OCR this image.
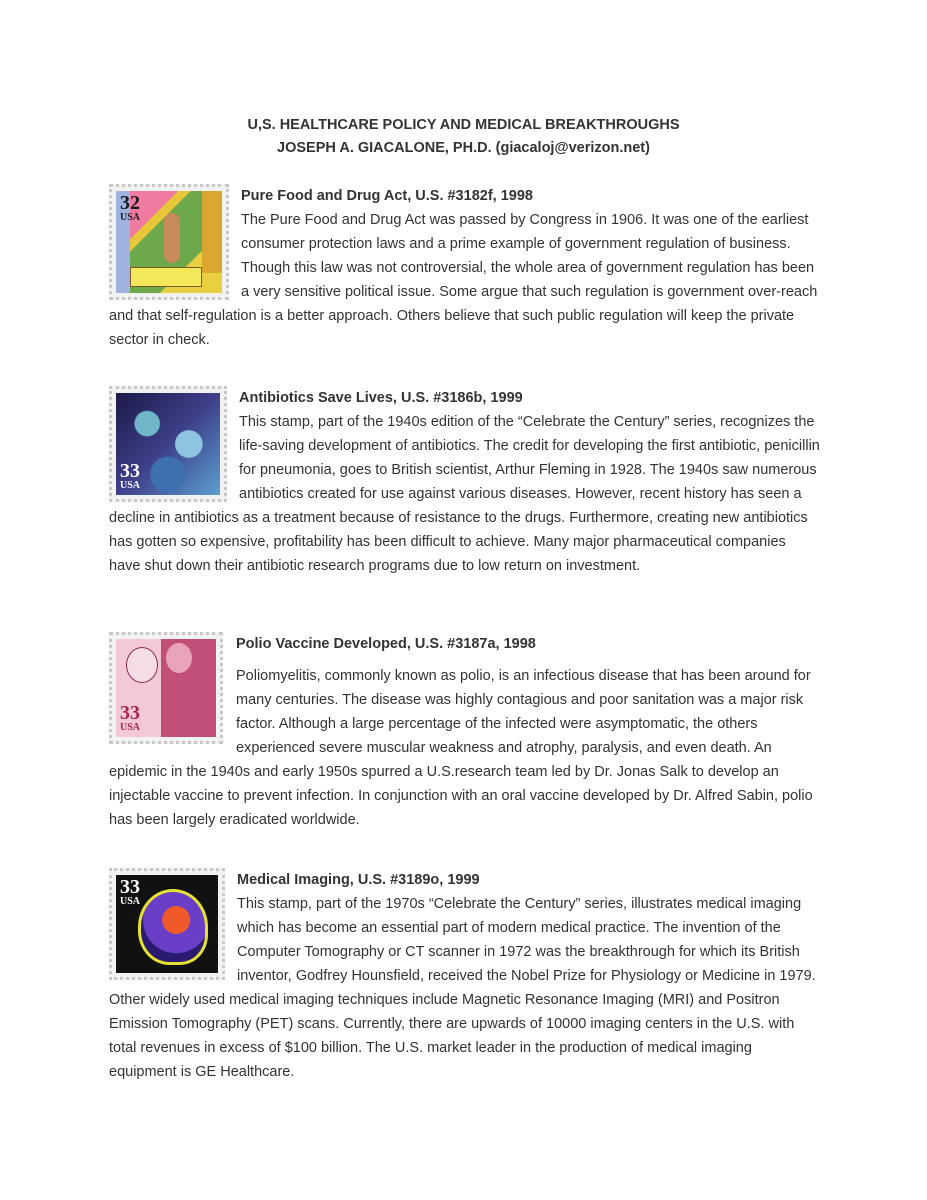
U,S. HEALTHCARE POLICY AND MEDICAL BREAKTHROUGHS
JOSEPH A. GIACALONE, PH.D. (giacaloj@verizon.net)
32
USA
Pure Food and Drug Act, U.S. #3182f, 1998
The Pure Food and Drug Act was passed by Congress in 1906. It was one of the earliest consumer protection laws and a prime example of government regulation of business. Though this law was not controversial, the whole area of government regulation has been a very sensitive political issue. Some argue that such regulation is government over-reach and that self-regulation is a better approach. Others believe that such public regulation will keep the private sector in check.
33
USA
Antibiotics Save Lives, U.S. #3186b, 1999
This stamp, part of the 1940s edition of the “Celebrate the Century” series, recognizes the life-saving development of antibiotics. The credit for developing the first antibiotic, penicillin for pneumonia, goes to British scientist, Arthur Fleming in 1928. The 1940s saw numerous antibiotics created for use against various diseases. However, recent history has seen a decline in antibiotics as a treatment because of resistance to the drugs. Furthermore, creating new antibiotics has gotten so expensive, profitability has been difficult to achieve. Many major pharmaceutical companies have shut down their antibiotic research programs due to low return on investment.
33
USA
Polio Vaccine Developed, U.S. #3187a, 1998
Poliomyelitis, commonly known as polio, is an infectious disease that has been around for many centuries. The disease was highly contagious and poor sanitation was a major risk factor. Although a large percentage of the infected were asymptomatic, the others experienced severe muscular weakness and atrophy, paralysis, and even death. An epidemic in the 1940s and early 1950s spurred a U.S.research team led by Dr. Jonas Salk to develop an injectable vaccine to prevent infection. In conjunction with an oral vaccine developed by Dr. Alfred Sabin, polio has been largely eradicated worldwide.
33
USA
Medical Imaging, U.S. #3189o, 1999
This stamp, part of the 1970s “Celebrate the Century” series, illustrates medical imaging which has become an essential part of modern medical practice. The invention of the Computer Tomography or CT scanner in 1972 was the breakthrough for which its British inventor, Godfrey Hounsfield, received the Nobel Prize for Physiology or Medicine in 1979. Other widely used medical imaging techniques include Magnetic Resonance Imaging (MRI) and Positron Emission Tomography (PET) scans. Currently, there are upwards of 10000 imaging centers in the U.S. with total revenues in excess of $100 billion. The U.S. market leader in the production of medical imaging equipment is GE Healthcare.
